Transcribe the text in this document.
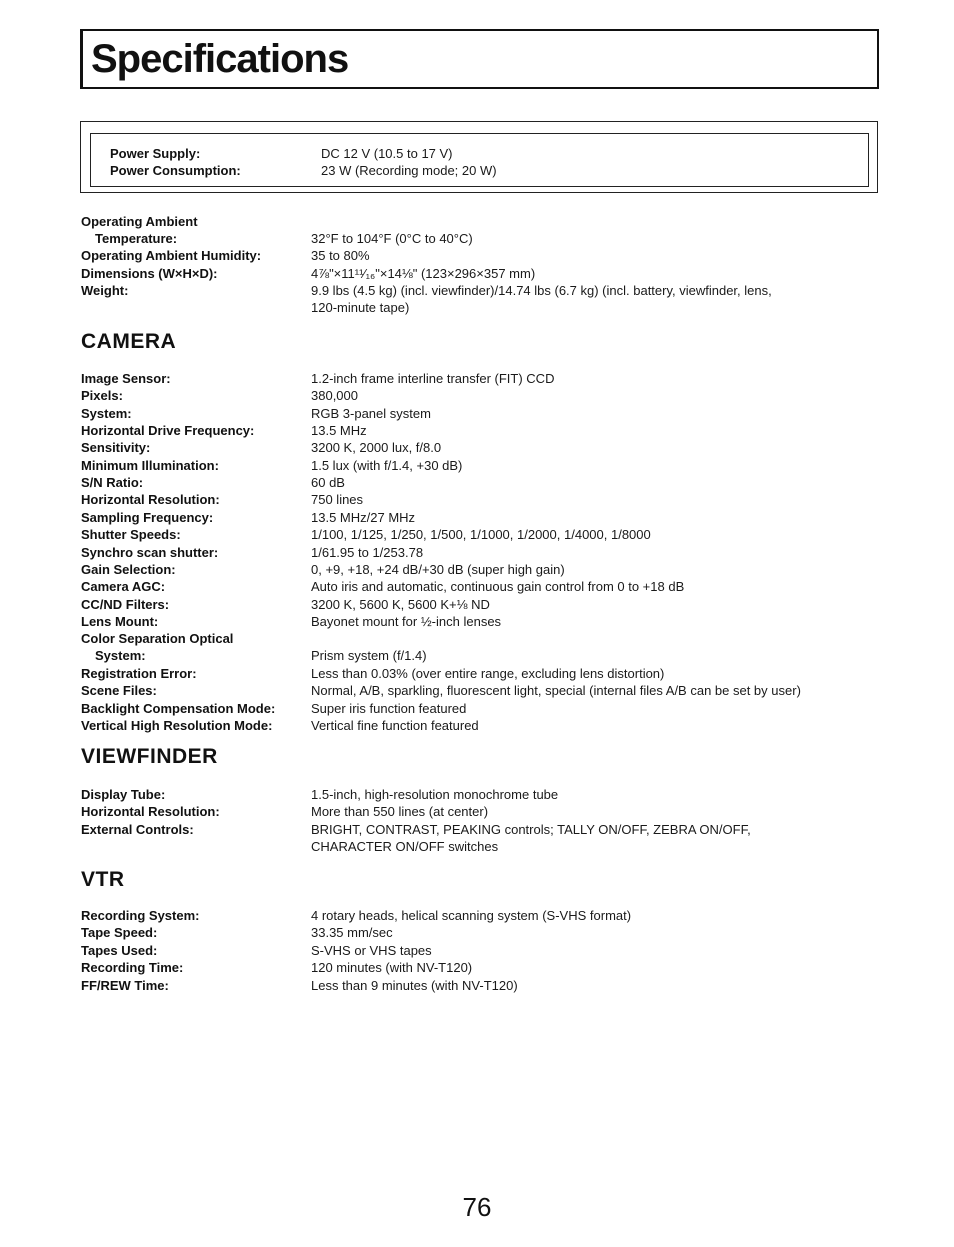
Specifications
Power Supply:	DC 12 V (10.5 to 17 V)
Power Consumption:	23 W (Recording mode; 20 W)
Operating Ambient
Temperature:	32°F to 104°F (0°C to 40°C)
Operating Ambient Humidity:	35 to 80%
Dimensions (W×H×D):	4⅞"×11¹¹⁄₁₆"×14⅛" (123×296×357 mm)
Weight:	9.9 lbs (4.5 kg) (incl. viewfinder)/14.74 lbs (6.7 kg) (incl. battery, viewfinder, lens,
120-minute tape)
CAMERA
Image Sensor:	1.2-inch frame interline transfer (FIT) CCD
Pixels:	380,000
System:	RGB 3-panel system
Horizontal Drive Frequency:	13.5 MHz
Sensitivity:	3200 K, 2000 lux, f/8.0
Minimum Illumination:	1.5 lux (with f/1.4, +30 dB)
S/N Ratio:	60 dB
Horizontal Resolution:	750 lines
Sampling Frequency:	13.5 MHz/27 MHz
Shutter Speeds:	1/100, 1/125, 1/250, 1/500, 1/1000, 1/2000, 1/4000, 1/8000
Synchro scan shutter:	1/61.95 to 1/253.78
Gain Selection:	0, +9, +18, +24 dB/+30 dB (super high gain)
Camera AGC:	Auto iris and automatic, continuous gain control from 0 to +18 dB
CC/ND Filters:	3200 K, 5600 K, 5600 K+⅛ ND
Lens Mount:	Bayonet mount for ½-inch lenses
Color Separation Optical
System:	Prism system (f/1.4)
Registration Error:	Less than 0.03% (over entire range, excluding lens distortion)
Scene Files:	Normal, A/B, sparkling, fluorescent light, special (internal files A/B can be set by user)
Backlight Compensation Mode:	Super iris function featured
Vertical High Resolution Mode:	Vertical fine function featured
VIEWFINDER
Display Tube:	1.5-inch, high-resolution monochrome tube
Horizontal Resolution:	More than 550 lines (at center)
External Controls:	BRIGHT, CONTRAST, PEAKING controls; TALLY ON/OFF, ZEBRA ON/OFF,
CHARACTER ON/OFF switches
VTR
Recording System:	4 rotary heads, helical scanning system (S-VHS format)
Tape Speed:	33.35 mm/sec
Tapes Used:	S-VHS or VHS tapes
Recording Time:	120 minutes (with NV-T120)
FF/REW Time:	Less than 9 minutes (with NV-T120)
76
